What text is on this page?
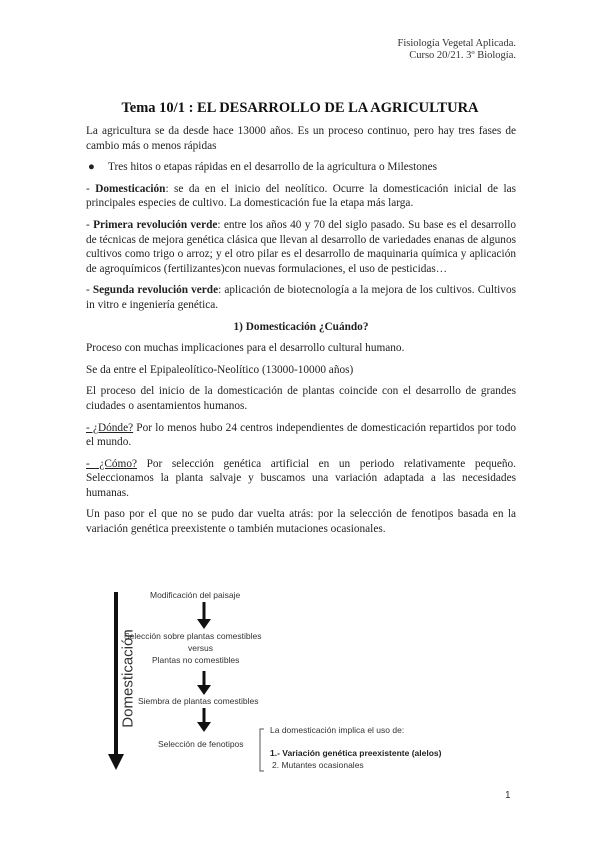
Fisiología Vegetal Aplicada.
Curso 20/21. 3º Biología.
Tema 10/1 : EL DESARROLLO DE LA AGRICULTURA

La agricultura se da desde hace 13000 años. Es un proceso continuo, pero hay tres fases de cambio más o menos rápidas

●	Tres hitos o etapas rápidas en el desarrollo de la agricultura o Milestones

- Domesticación: se da en el inicio del neolítico. Ocurre la domesticación inicial de las principales especies de cultivo. La domesticación fue la etapa más larga.

- Primera revolución verde: entre los años 40 y 70 del siglo pasado. Su base es el desarrollo de técnicas de mejora genética clásica que llevan al desarrollo de variedades enanas de algunos cultivos como trigo o arroz; y el otro pilar es el desarrollo de maquinaria química y aplicación de agroquímicos (fertilizantes)con nuevas formulaciones, el uso de pesticidas…

- Segunda revolución verde: aplicación de biotecnología a la mejora de los cultivos. Cultivos in vitro e ingeniería genética.

1) Domesticación ¿Cuándo?

Proceso con muchas implicaciones para el desarrollo cultural humano.

Se da entre el Epipaleolítico-Neolítico (13000-10000 años)

El proceso del inicio de la domesticación de plantas coincide con el desarrollo de grandes ciudades o asentamientos humanos.

- ¿Dónde? Por lo menos hubo 24 centros independientes de domesticación repartidos por todo el mundo.

- ¿Cómo? Por selección genética artificial en un periodo relativamente pequeño. Seleccionamos la planta salvaje y buscamos una variación adaptada a las necesidades humanas.

Un paso por el que no se pudo dar vuelta atrás: por la selección de fenotipos basada en la variación genética preexistente o también mutaciones ocasionales.

Domesticación
Modificación del paisaje
Selección sobre plantas comestibles
versus
Plantas no comestibles
Siembra de plantas comestibles
Selección de fenotipos
La domesticación implica el uso de:
1.- Variación genética preexistente (alelos)
2. Mutantes ocasionales
1
